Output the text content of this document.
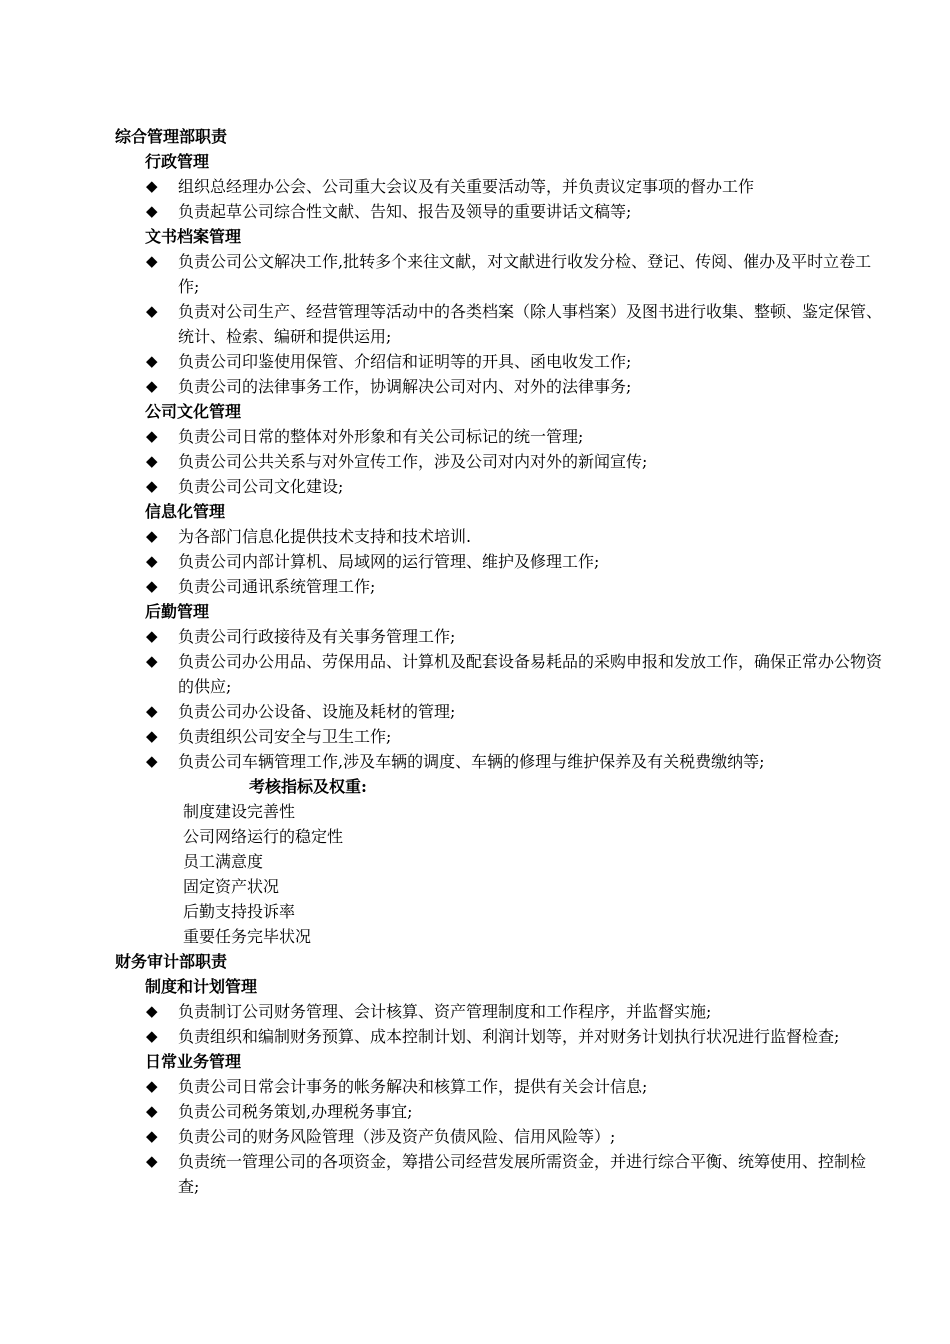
综合管理部职责
行政管理
◆ 组织总经理办公会、公司重大会议及有关重要活动等，并负责议定事项的督办工作
◆ 负责起草公司综合性文献、告知、报告及领导的重要讲话文稿等;
文书档案管理
◆ 负责公司公文解决工作,批转多个来往文献，对文献进行收发分检、登记、传阅、催办及平时立卷工作;
◆ 负责对公司生产、经营管理等活动中的各类档案（除人事档案）及图书进行收集、整顿、鉴定保管、统计、检索、编研和提供运用;
◆ 负责公司印鉴使用保管、介绍信和证明等的开具、函电收发工作;
◆ 负责公司的法律事务工作，协调解决公司对内、对外的法律事务;
公司文化管理
◆ 负责公司日常的整体对外形象和有关公司标记的统一管理;
◆ 负责公司公共关系与对外宣传工作，涉及公司对内对外的新闻宣传;
◆ 负责公司公司文化建设;
信息化管理
◆ 为各部门信息化提供技术支持和技术培训.
◆ 负责公司内部计算机、局域网的运行管理、维护及修理工作;
◆ 负责公司通讯系统管理工作;
后勤管理
◆ 负责公司行政接待及有关事务管理工作;
◆ 负责公司办公用品、劳保用品、计算机及配套设备易耗品的采购申报和发放工作，确保正常办公物资的供应;
◆ 负责公司办公设备、设施及耗材的管理;
◆ 负责组织公司安全与卫生工作;
◆ 负责公司车辆管理工作,涉及车辆的调度、车辆的修理与维护保养及有关税费缴纳等;
考核指标及权重:
制度建设完善性
公司网络运行的稳定性
员工满意度
固定资产状况
后勤支持投诉率
重要任务完毕状况
财务审计部职责
制度和计划管理
◆ 负责制订公司财务管理、会计核算、资产管理制度和工作程序，并监督实施;
◆ 负责组织和编制财务预算、成本控制计划、利润计划等，并对财务计划执行状况进行监督检查;
日常业务管理
◆ 负责公司日常会计事务的帐务解决和核算工作，提供有关会计信息;
◆ 负责公司税务策划,办理税务事宜;
◆ 负责公司的财务风险管理（涉及资产负债风险、信用风险等）;
◆ 负责统一管理公司的各项资金，筹措公司经营发展所需资金，并进行综合平衡、统筹使用、控制检查;
